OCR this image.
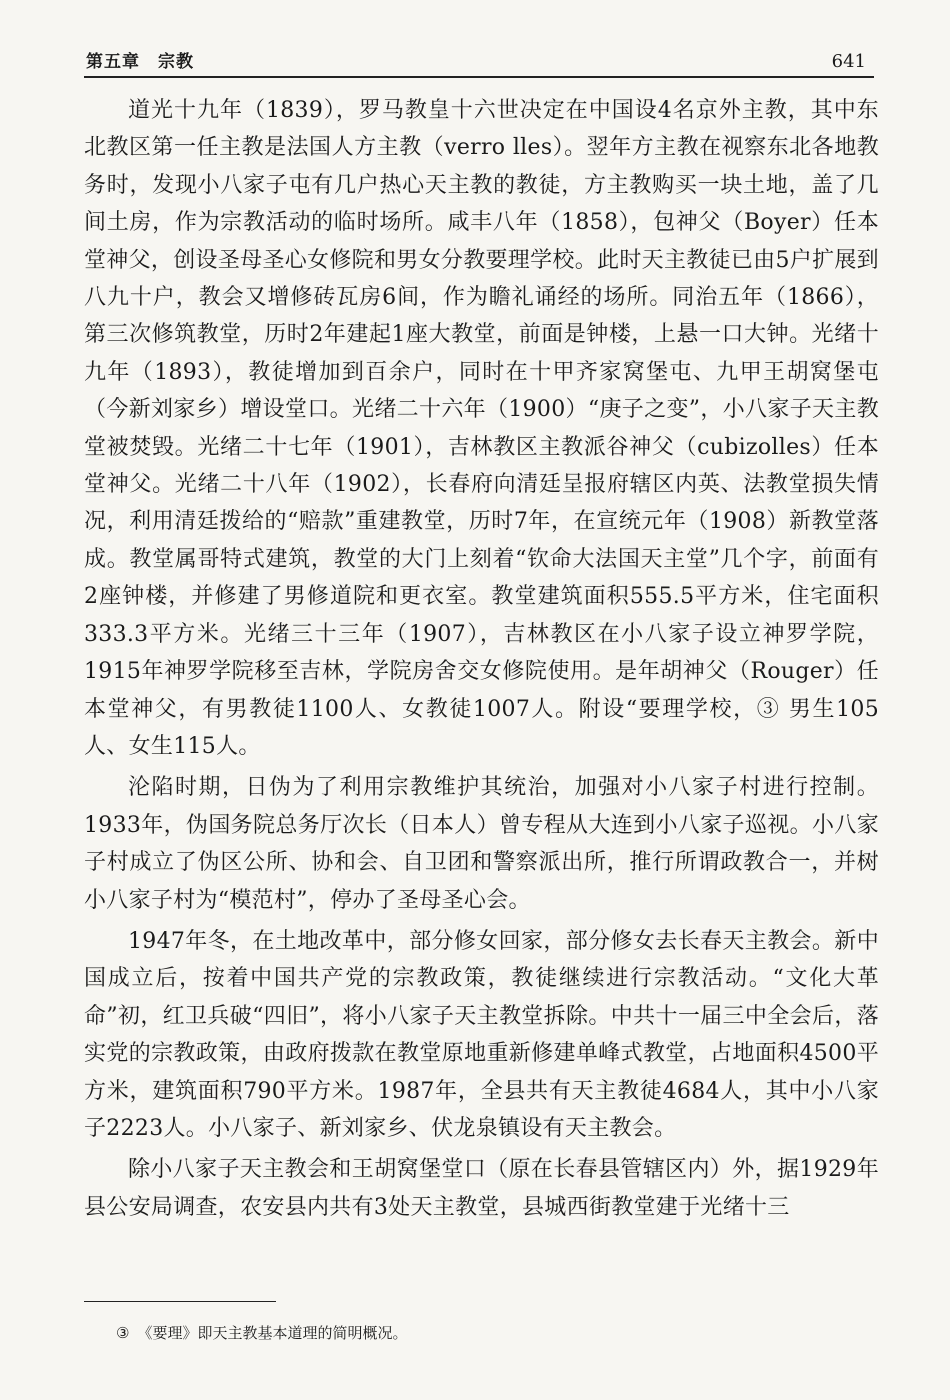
第五章 宗教	641

道光十九年（1839），罗马教皇十六世决定在中国设4名京外主教，其中东北教区第一任主教是法国人方主教（verro lles）。翌年方主教在视察东北各地教务时，发现小八家子屯有几户热心天主教的教徒，方主教购买一块土地，盖了几间土房，作为宗教活动的临时场所。咸丰八年（1858），包神父（Boyer）任本堂神父，创设圣母圣心女修院和男女分教要理学校。此时天主教徒已由5户扩展到八九十户，教会又增修砖瓦房6间，作为瞻礼诵经的场所。同治五年（1866），第三次修筑教堂，历时2年建起1座大教堂，前面是钟楼，上悬一口大钟。光绪十九年（1893），教徒增加到百余户，同时在十甲齐家窝堡屯、九甲王胡窝堡屯（今新刘家乡）增设堂口。光绪二十六年（1900）“庚子之变”，小八家子天主教堂被焚毁。光绪二十七年（1901），吉林教区主教派谷神父（cubizolles）任本堂神父。光绪二十八年（1902），长春府向清廷呈报府辖区内英、法教堂损失情况，利用清廷拨给的“赔款”重建教堂，历时7年，在宣统元年（1908）新教堂落成。教堂属哥特式建筑，教堂的大门上刻着“钦命大法国天主堂”几个字，前面有2座钟楼，并修建了男修道院和更衣室。教堂建筑面积555.5平方米，住宅面积333.3平方米。光绪三十三年（1907），吉林教区在小八家子设立神罗学院，1915年神罗学院移至吉林，学院房舍交女修院使用。是年胡神父（Rouger）任本堂神父，有男教徒1100人、女教徒1007人。附设“要理学校，③ 男生105人、女生115人。

沦陷时期，日伪为了利用宗教维护其统治，加强对小八家子村进行控制。1933年，伪国务院总务厅次长（日本人）曾专程从大连到小八家子巡视。小八家子村成立了伪区公所、协和会、自卫团和警察派出所，推行所谓政教合一，并树小八家子村为“模范村”，停办了圣母圣心会。

1947年冬，在土地改革中，部分修女回家，部分修女去长春天主教会。新中国成立后，按着中国共产党的宗教政策，教徒继续进行宗教活动。“文化大革命”初，红卫兵破“四旧”，将小八家子天主教堂拆除。中共十一届三中全会后，落实党的宗教政策，由政府拨款在教堂原地重新修建单峰式教堂，占地面积4500平方米，建筑面积790平方米。1987年，全县共有天主教徒4684人，其中小八家子2223人。小八家子、新刘家乡、伏龙泉镇设有天主教会。

除小八家子天主教会和王胡窝堡堂口（原在长春县管辖区内）外，据1929年县公安局调查，农安县内共有3处天主教堂，县城西街教堂建于光绪十三

③ 《要理》即天主教基本道理的简明概况。
